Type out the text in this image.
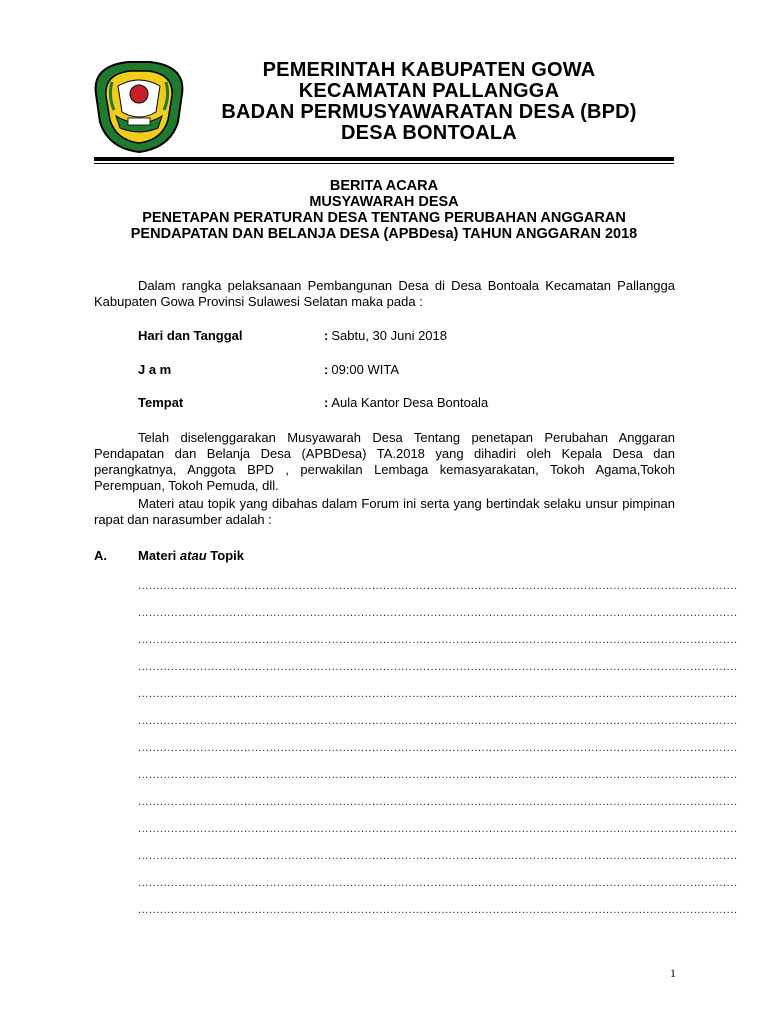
PEMERINTAH KABUPATEN GOWA
KECAMATAN PALLANGGA
BADAN PERMUSYAWARATAN DESA (BPD)
DESA BONTOALA
BERITA ACARA
MUSYAWARAH DESA
PENETAPAN PERATURAN DESA TENTANG PERUBAHAN ANGGARAN
PENDAPATAN DAN BELANJA DESA (APBDesa) TAHUN ANGGARAN 2018
Dalam rangka pelaksanaan Pembangunan Desa di Desa Bontoala Kecamatan Pallangga Kabupaten Gowa Provinsi Sulawesi Selatan maka pada :
Hari dan Tanggal	: Sabtu, 30 Juni 2018
J a m	: 09:00 WITA
Tempat	: Aula Kantor Desa Bontoala
Telah diselenggarakan Musyawarah Desa Tentang penetapan Perubahan Anggaran Pendapatan dan Belanja Desa (APBDesa) TA.2018 yang dihadiri oleh Kepala Desa dan perangkatnya, Anggota BPD , perwakilan Lembaga kemasyarakatan, Tokoh Agama,Tokoh Perempuan, Tokoh Pemuda, dll.
Materi atau topik yang dibahas dalam Forum ini serta yang bertindak selaku unsur pimpinan rapat dan narasumber adalah :
A. Materi atau Topik
....................................................................................................................................................................
....................................................................................................................................................................
....................................................................................................................................................................
....................................................................................................................................................................
....................................................................................................................................................................
....................................................................................................................................................................
....................................................................................................................................................................
....................................................................................................................................................................
....................................................................................................................................................................
....................................................................................................................................................................
....................................................................................................................................................................
....................................................................................................................................................................
....................................................................................................................................................................
1
